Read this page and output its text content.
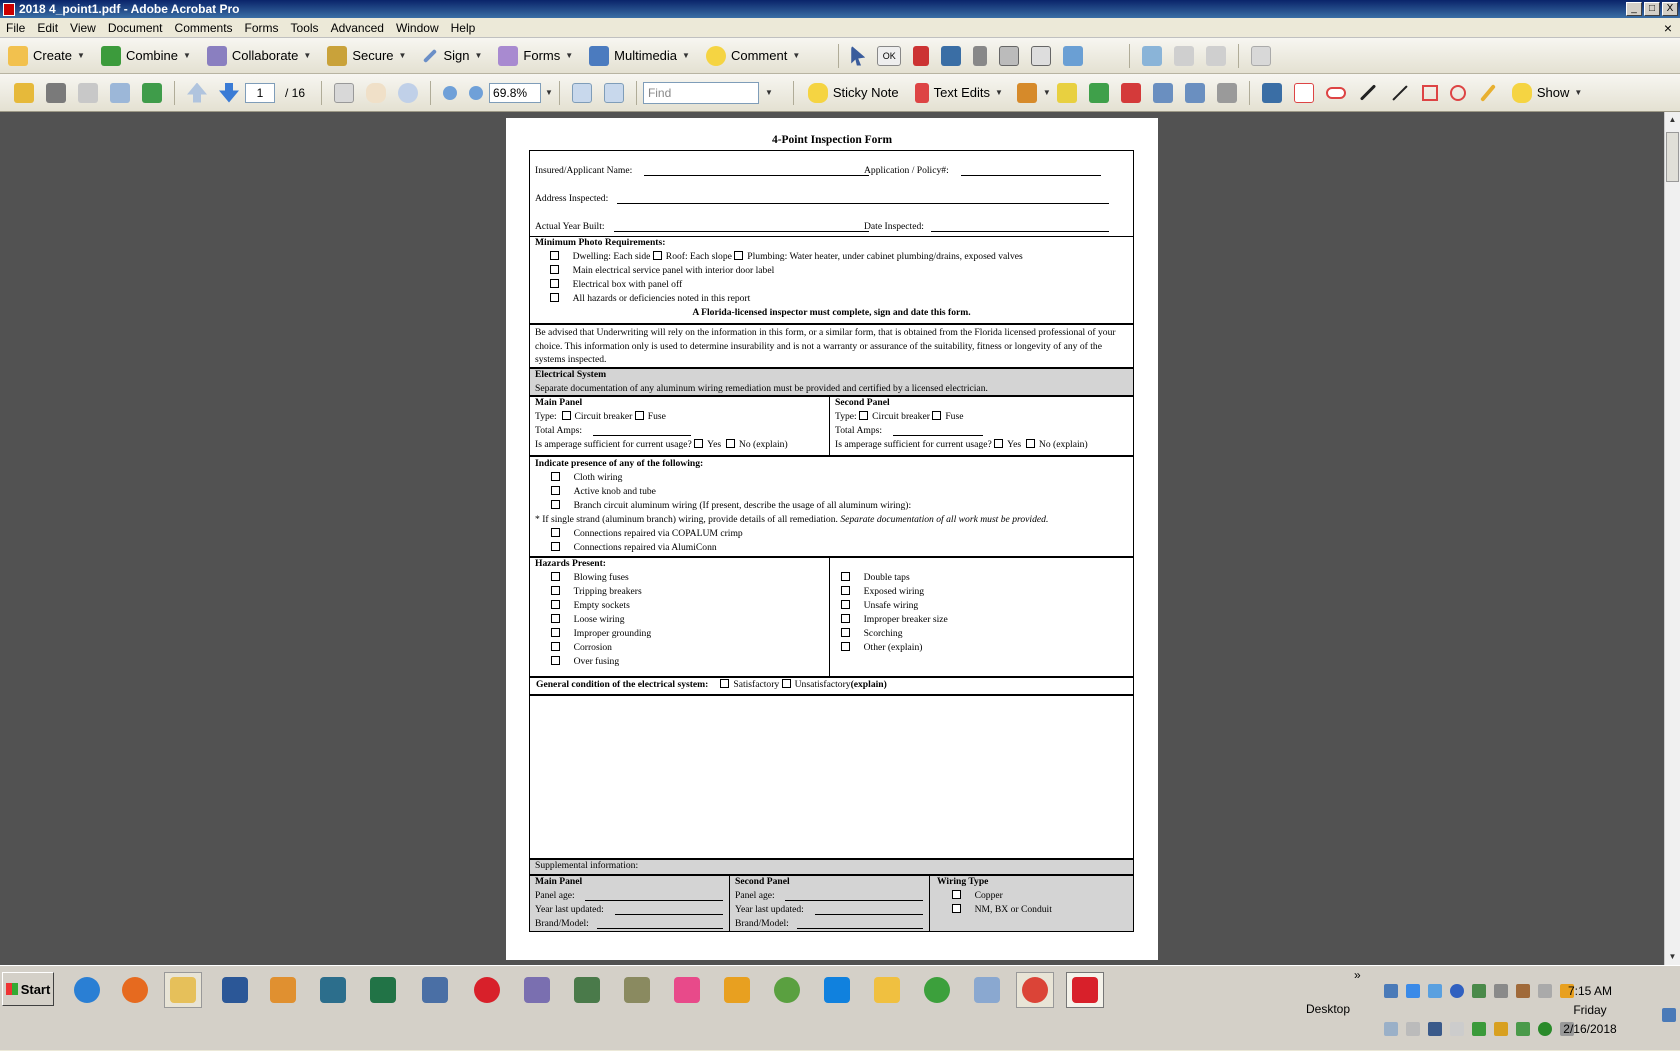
2018 4_point1.pdf - Adobe Acrobat Pro	_	□	X
File	Edit	View	Document	Comments	Forms	Tools	Advanced	Window	Help	×
Create ▼	Combine ▼	Collaborate ▼	Secure ▼	Sign ▼	Forms ▼	Multimedia ▼	Comment ▼	OK
1	/ 16	69.8%	▼	Find	▼	Sticky Note	Text Edits ▼	▼	Show ▼
4-Point Inspection Form
Insured/Applicant Name:	Application / Policy#:
Address Inspected:
Actual Year Built:	Date Inspected:
Minimum Photo Requirements:
Dwelling: Each side Roof: Each slope Plumbing: Water heater, under cabinet plumbing/drains, exposed valves
Main electrical service panel with interior door label
Electrical box with panel off
All hazards or deficiencies noted in this report
A Florida-licensed inspector must complete, sign and date this form.
Be advised that Underwriting will rely on the information in this form, or a similar form, that is obtained from the Florida licensed professional of your choice. This information only is used to determine insurability and is not a warranty or assurance of the suitability, fitness or longevity of any of the systems inspected.
Electrical System
Separate documentation of any aluminum wiring remediation must be provided and certified by a licensed electrician.
Main Panel
Type: Circuit breaker Fuse
Total Amps:
Is amperage sufficient for current usage? Yes No (explain)
Second Panel
Type: Circuit breaker Fuse
Total Amps:
Is amperage sufficient for current usage? Yes No (explain)
Indicate presence of any of the following:
Cloth wiring
Active knob and tube
Branch circuit aluminum wiring (If present, describe the usage of all aluminum wiring):
* If single strand (aluminum branch) wiring, provide details of all remediation. Separate documentation of all work must be provided.
Connections repaired via COPALUM crimp
Connections repaired via AlumiConn
Hazards Present:
General condition of the electrical system:	Satisfactory Unsatisfactory(explain)
Supplemental information:
Main Panel
Panel age:
Year last updated:
Brand/Model:
Second Panel
Panel age:
Year last updated:
Brand/Model:
Wiring Type
Copper
NM, BX or Conduit
Blowing fuses
Tripping breakers
Empty sockets
Loose wiring
Improper grounding
Corrosion
Over fusing
Double taps
Exposed wiring
Unsafe wiring
Improper breaker size
Scorching
Other (explain)
▲
▼
Start
»
Desktop
7:15 AM
Friday
2/16/2018
